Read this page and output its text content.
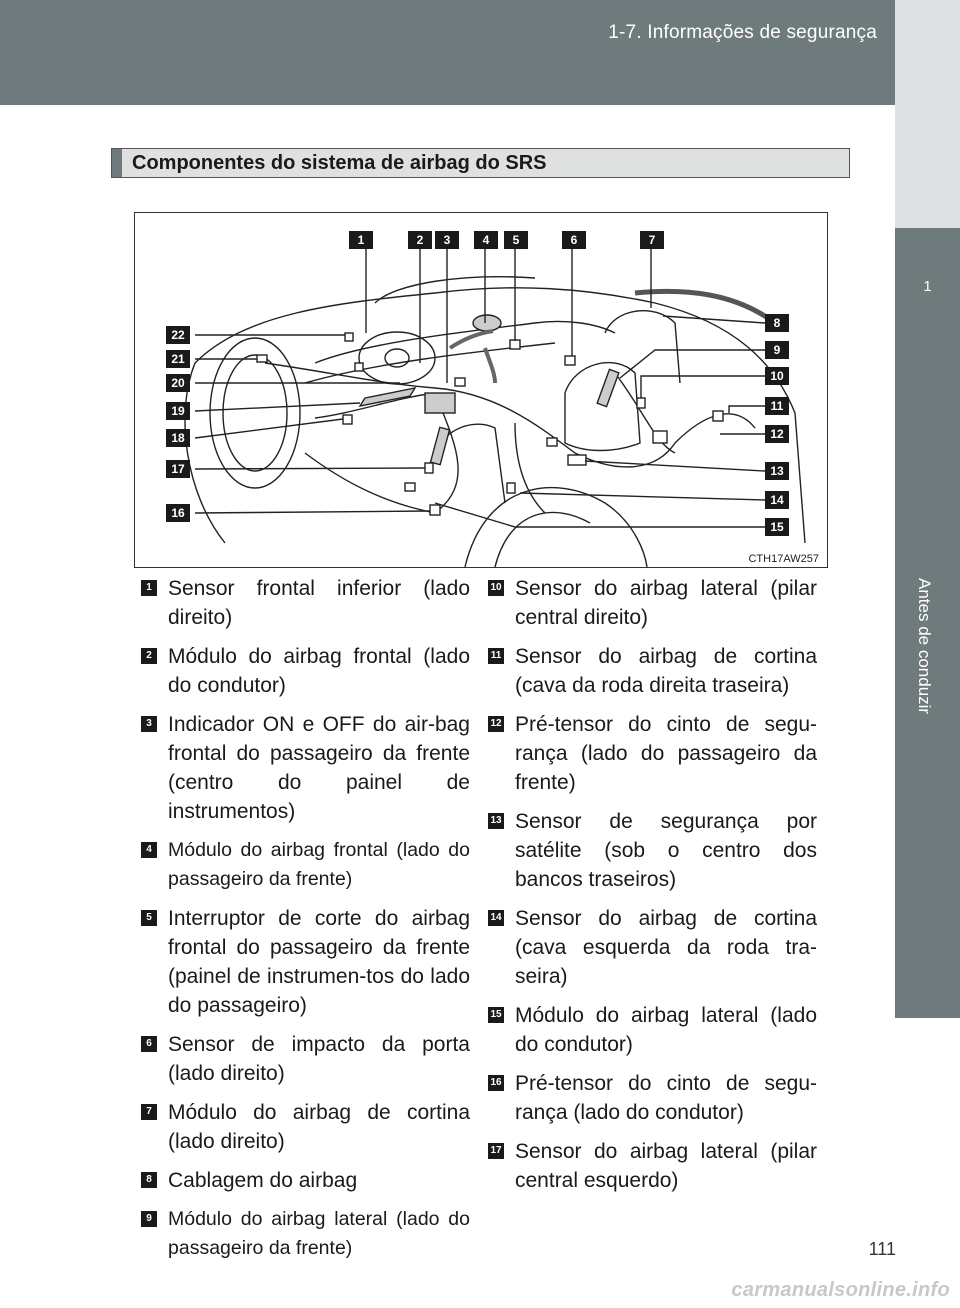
1-7. Informações de segurança
1
Antes de conduzir
Componentes do sistema de airbag do SRS
1	2	3	4	5	6	7
8
9
10
11
12
13
14
15
22
21
20
19
18
17
16
CTH17AW257
1 Sensor frontal inferior (lado direito)
2 Módulo do airbag frontal (lado do condutor)
3 Indicador ON e OFF do air-bag frontal do passageiro da frente (centro do painel de instrumentos)
4 Módulo do airbag frontal (lado do passageiro da frente)
5 Interruptor de corte do airbag frontal do passageiro da frente (painel de instrumen-tos do lado do passageiro)
6 Sensor de impacto da porta (lado direito)
7 Módulo do airbag de cortina (lado direito)
8 Cablagem do airbag
9 Módulo do airbag lateral (lado do passageiro da frente)
10 Sensor do airbag lateral (pilar central direito)
11 Sensor do airbag de cortina (cava da roda direita traseira)
12 Pré-tensor do cinto de segu-rança (lado do passageiro da frente)
13 Sensor de segurança por satélite (sob o centro dos bancos traseiros)
14 Sensor do airbag de cortina (cava esquerda da roda tra-seira)
15 Módulo do airbag lateral (lado do condutor)
16 Pré-tensor do cinto de segu-rança (lado do condutor)
17 Sensor do airbag lateral (pilar central esquerdo)
111
carmanualsonline.info
